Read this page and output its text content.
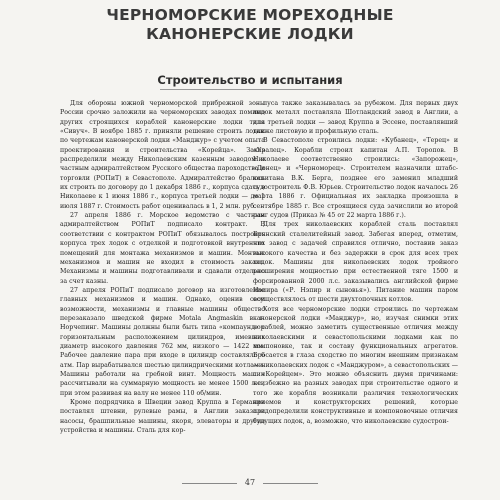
ЧЕРНОМОРСКИЕ МОРЕХОДНЫЕ
КАНОНЕРСКИЕ ЛОДКИ
Строительство и испытания

Для обороны южной черноморской прибрежной зоны России срочно заложили на черноморских заводах помимо других строящихся кораблей канонерские лодки типа «Сивуч». В ноябре 1885 г. приняли решение строить лодки по чертежам канонерской лодки «Манджур» с учетом опыта проектирования и строительства «Корейца». Заказ распределили между Николаевским казенным заводом и частным адмиралтейством Русского общества пароходства и торговли (РОПиТ) в Севастополе. Адмиралтейство бралось их строить по договору до 1 декабря 1886 г., корпуса сдать в Николаеве к 1 июня 1886 г., корпуса третьей лодки — до 1 июля 1887 г. Стоимость работ оценивалась в 1, 2 млн. руб.

27 апреля 1886 г. Морское ведомство с частным адмиралтейством РОПиТ подписало контракт. В соответствии с контрактом РОПиТ обязывалось построить корпуса трех лодок с отделкой и подготовкой внутренних помещений для монтажа механизмов и машин. Монтаж механизмов и машин не входил в стоимость заказа. Механизмы и машины подготавливали и сдавали отдельно за счет казны.

27 апреля РОПиТ подписало договор на изготовление главных механизмов и машин. Однако, оценив свои возможности, механизмы и главные машины общество перезаказало шведской фирме Motala Angmaskin в г. Норчепинг. Машины должны были быть типа «компаунд» с горизонтальным расположением цилиндров, имевших диаметр высокого давления 762 мм, низкого — 1422 мм. Рабочее давление пара при входе в цилиндр составляло 6 атм. Пар вырабатывался шестью цилиндрическими котлами. Машины работали на гребной винт. Мощность машин рассчитывали на суммарную мощность не менее 1500 л.с., при этом развивая на валу не менее 110 об/мин.

Кроме подрядчика в Швеции завод Круппа в Германии поставлял штевни, рулевые рамы, в Англии заказали насосы, брашпильные машины, якоря, элеваторы и другие устройства и машины. Сталь для кор-

пуса также заказывалась за рубежом. Для первых двух лодок металл поставляла Шотландский завод в Англии, а для третьей лодки — завод Круппа в Эссене, поставлявший также листовую и профильную сталь.

В Севастополе строились лодки: «Кубанец», «Терец» и «Уралец». Корабли строил капитан А.П. Торопов. В Николаеве соответственно строились: «Запорожец», «Донец» и «Черноморец». Строителем назначили штабс-капитана В.К. Берга, позднее его заменил младший судостроитель Ф.В. Юрьев. Строительство лодок началось 26 марта 1886 г. Официальная их закладка произошла в сентябре 1885 г. Все строящиеся суда зачислили во второй ранг судов (Приказ № 45 от 22 марта 1886 г.).

Для трех николаевских кораблей сталь поставлял Брянский сталелитейный завод. Забегая вперед, отметим, что завод с задачей справился отлично, поставив заказ высокого качества и без задержки в срок для всех трех лодок. Машины для николаевских лодок тройного расширения мощностью при естественной тяге 1500 и форсированной 2000 л.с. заказывались английской фирме Нэпира («Р. Нэпир и сыновья»). Питание машин паром осуществлялось от шести двухтопочных котлов.

Хотя все черноморские лодки строились по чертежам канонерской лодки «Манджур», но, изучая снимки этих кораблей, можно заметить существенные отличия между николаевскими и севастопольскими лодками как по компоновке, так и составу функциональных агрегатов. Бросается в глаза сходство по многим внешним признакам — николаевских лодок с «Манджуром», а севастопольских — с «Корейцем». Это можно объяснить двумя причинами: неизбежно на разных заводах при строительстве одного и того же корабля возникали различия технологических приемов и конструкторских решений, которые предопределили конструктивные и компоновочные отличия будущих лодок, а, возможно, что николаевские судострои-

47
